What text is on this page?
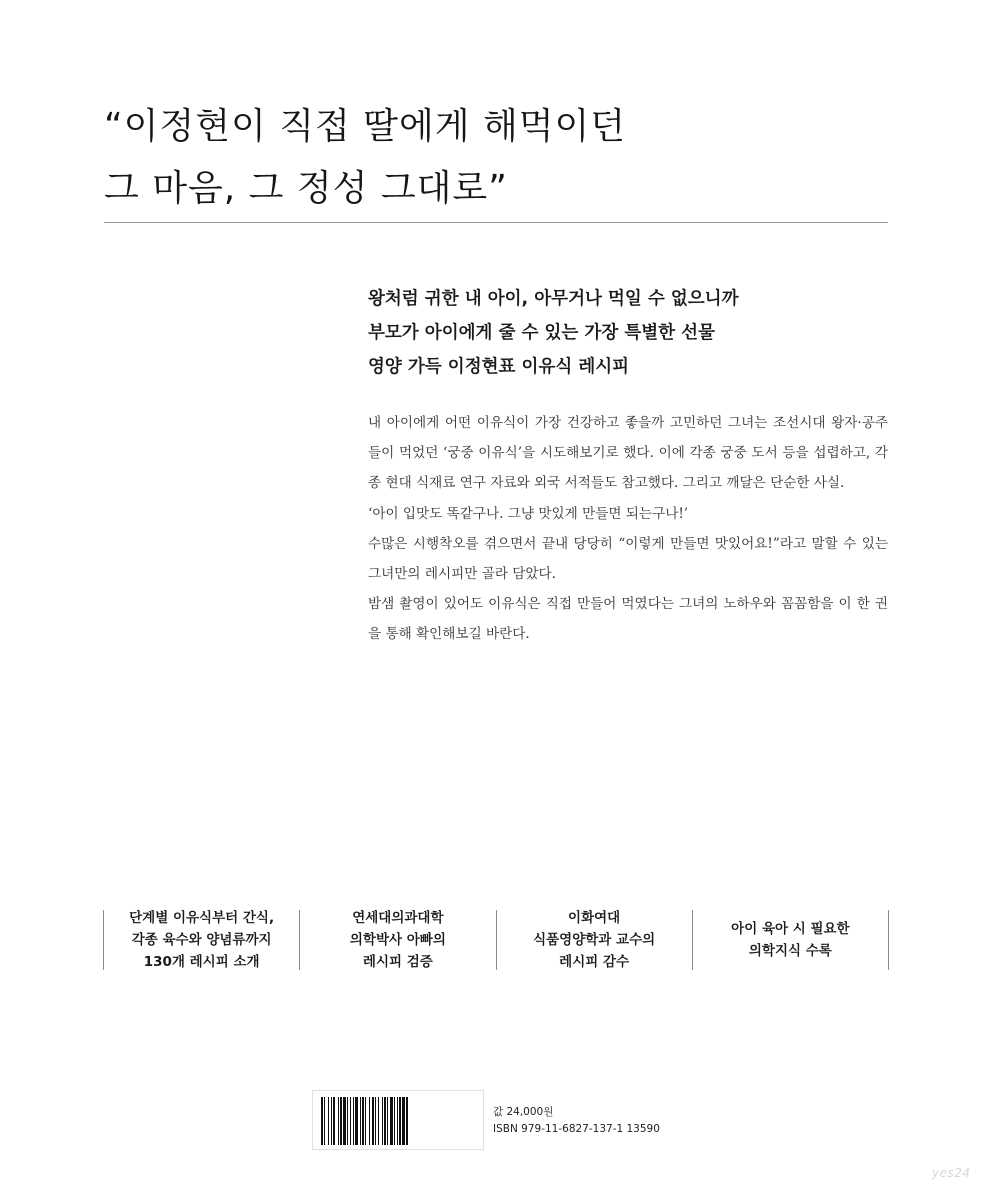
“이정현이 직접 딸에게 해먹이던
그 마음, 그 정성 그대로”
왕처럼 귀한 내 아이, 아무거나 먹일 수 없으니까
부모가 아이에게 줄 수 있는 가장 특별한 선물
영양 가득 이정현표 이유식 레시피

내 아이에게 어떤 이유식이 가장 건강하고 좋을까 고민하던 그녀는 조선시대 왕자·공주들이 먹었던 ‘궁중 이유식’을 시도해보기로 했다. 이에 각종 궁중 도서 등을 섭렵하고, 각종 현대 식재료 연구 자료와 외국 서적들도 참고했다. 그리고 깨달은 단순한 사실.

‘아이 입맛도 똑같구나. 그냥 맛있게 만들면 되는구나!’

수많은 시행착오를 겪으면서 끝내 당당히 “이렇게 만들면 맛있어요!”라고 말할 수 있는 그녀만의 레시피만 골라 담았다.

밤샘 촬영이 있어도 이유식은 직접 만들어 먹였다는 그녀의 노하우와 꼼꼼함을 이 한 권을 통해 확인해보길 바란다.

단계별 이유식부터 간식,
각종 육수와 양념류까지
130개 레시피 소개
연세대의과대학
의학박사 아빠의
레시피 검증
이화여대
식품영양학과 교수의
레시피 감수
아이 육아 시 필요한
의학지식 수록
값 24,000원
ISBN 979-11-6827-137-1 13590
yes24
